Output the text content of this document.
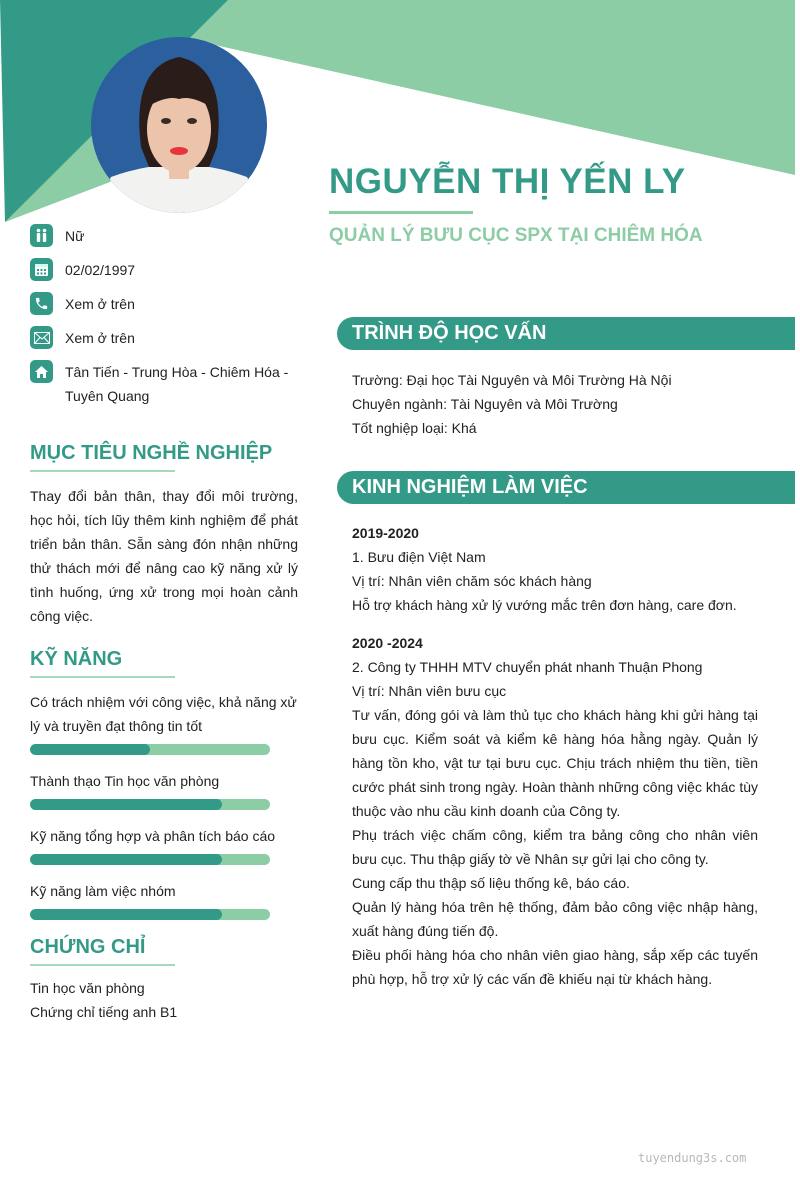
NGUYỄN THỊ YẾN LY
QUẢN LÝ BƯU CỤC SPX TẠI CHIÊM HÓA
Nữ
02/02/1997
Xem ở trên
Xem ở trên
Tân Tiến - Trung Hòa - Chiêm Hóa - Tuyên Quang
MỤC TIÊU NGHỀ NGHIỆP
Thay đổi bản thân, thay đổi môi trường, học hỏi, tích lũy thêm kinh nghiệm để phát triển bản thân. Sẵn sàng đón nhận những thử thách mới để nâng cao kỹ năng xử lý tình huống, ứng xử trong mọi hoàn cảnh công việc.
KỸ NĂNG
Có trách nhiệm với công việc, khả năng xử lý và truyền đạt thông tin tốt
Thành thạo Tin học văn phòng
Kỹ năng tổng hợp và phân tích báo cáo
Kỹ năng làm việc nhóm
CHỨNG CHỈ
Tin học văn phòng
Chứng chỉ tiếng anh B1
TRÌNH ĐỘ HỌC VẤN
Trường: Đại học Tài Nguyên và Môi Trường Hà Nội
Chuyên ngành: Tài Nguyên và Môi Trường
Tốt nghiệp loại: Khá
KINH NGHIỆM LÀM VIỆC
2019-2020
1. Bưu điện Việt Nam
Vị trí: Nhân viên chăm sóc khách hàng
Hỗ trợ khách hàng xử lý vướng mắc trên đơn hàng, care đơn.
2020 -2024
2. Công ty THHH MTV chuyển phát nhanh Thuận Phong
Vị trí: Nhân viên bưu cục
Tư vấn, đóng gói và làm thủ tục cho khách hàng khi gửi hàng tại bưu cục. Kiểm soát và kiểm kê hàng hóa hằng ngày. Quản lý hàng tồn kho, vật tư tại bưu cục. Chịu trách nhiệm thu tiền, tiền cước phát sinh trong ngày. Hoàn thành những công việc khác tùy thuộc vào nhu cầu kinh doanh của Công ty.
Phụ trách việc chấm công, kiểm tra bảng công cho nhân viên bưu cục. Thu thập giấy tờ về Nhân sự gửi lại cho công ty.
Cung cấp thu thập số liệu thống kê, báo cáo.
Quản lý hàng hóa trên hệ thống, đảm bảo công việc nhập hàng, xuất hàng đúng tiến độ.
Điều phối hàng hóa cho nhân viên giao hàng, sắp xếp các tuyến phù hợp, hỗ trợ xử lý các vấn đề khiếu nại từ khách hàng.
tuyendung3s.com
